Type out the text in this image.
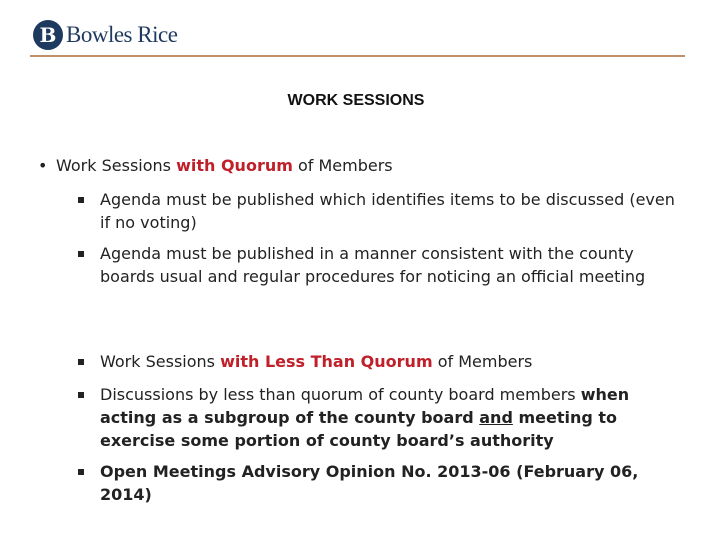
B Bowles Rice
WORK SESSIONS
• Work Sessions with Quorum of Members
Agenda must be published which identifies items to be discussed (even if no voting)
Agenda must be published in a manner consistent with the county boards usual and regular procedures for noticing an official meeting
Work Sessions with Less Than Quorum of Members
Discussions by less than quorum of county board members when acting as a subgroup of the county board and meeting to exercise some portion of county board’s authority
Open Meetings Advisory Opinion No. 2013-06 (February 06, 2014)
